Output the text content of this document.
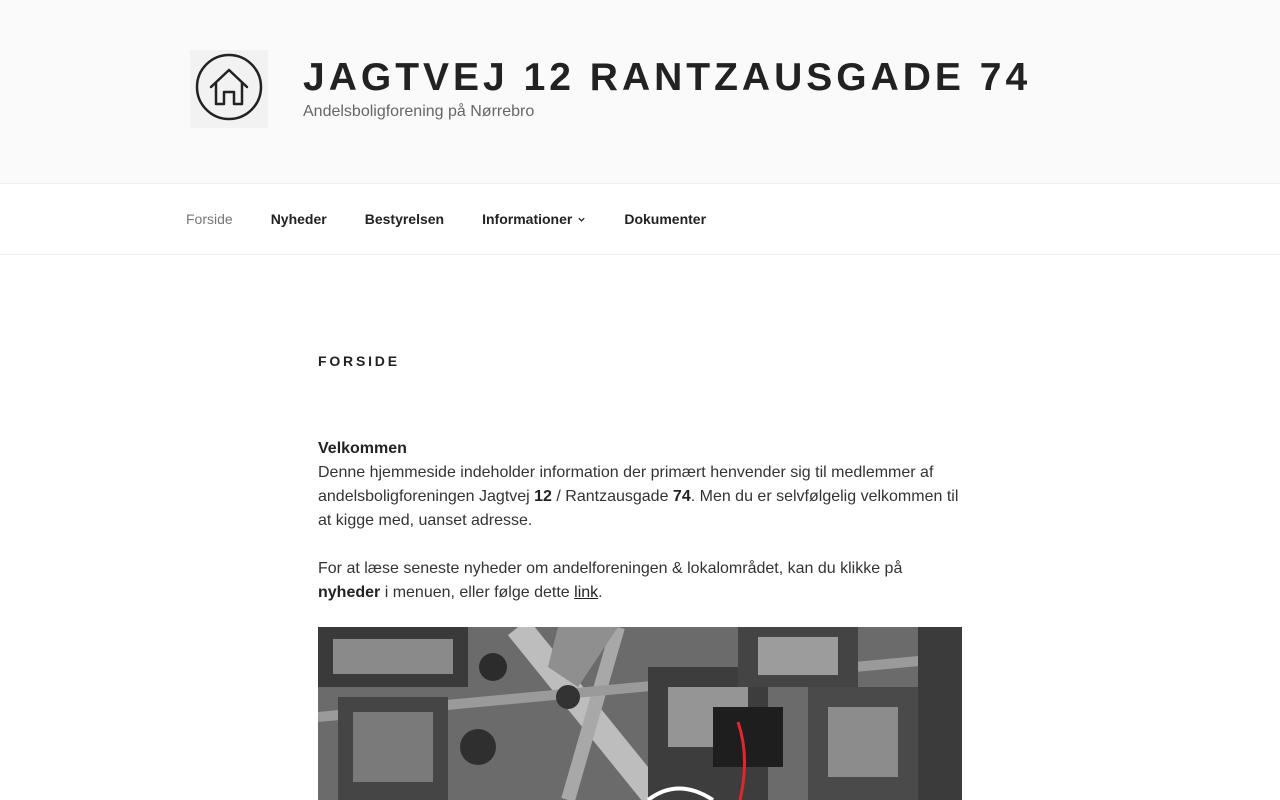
JAGTVEJ 12 RANTZAUSGADE 74
Andelsboligforening på Nørrebro
Forside	Nyheder	Bestyrelsen	Informationer	Dokumenter
FORSIDE

Velkommen
Denne hjemmeside indeholder information der primært henvender sig til medlemmer af andelsboligforeningen Jagtvej 12 / Rantzausgade 74. Men du er selvfølgelig velkommen til at kigge med, uanset adresse.

For at læse seneste nyheder om andelforeningen & lokalområdet, kan du klikke på nyheder i menuen, eller følge dette link.
